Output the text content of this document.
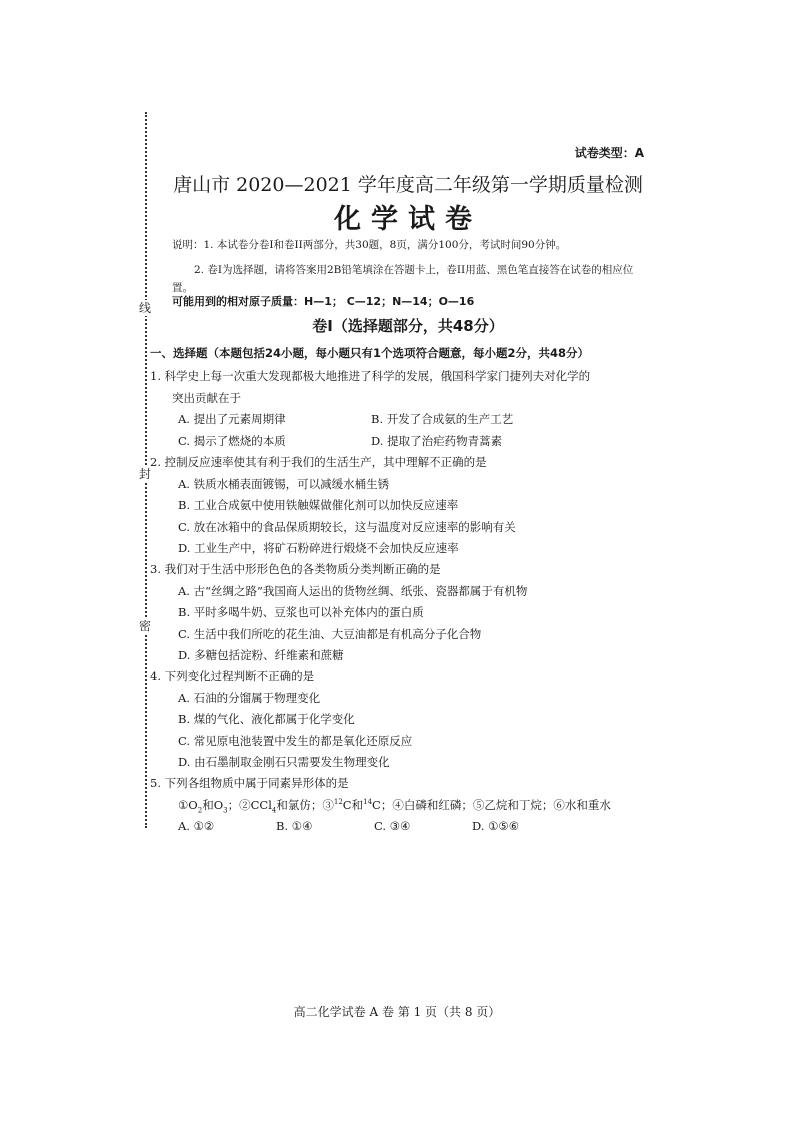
线
封
密
试卷类型：A
唐山市 2020—2021 学年度高二年级第一学期质量检测
化学试卷
说明：1. 本试卷分卷I和卷II两部分，共30题，8页，满分100分，考试时间90分钟。
2. 卷I为选择题，请将答案用2B铅笔填涂在答题卡上，卷II用蓝、黑色笔直接答在试卷的相应位置。
可能用到的相对原子质量：H—1； C—12；N—14；O—16
卷I（选择题部分，共48分）
一、选择题（本题包括24小题，每小题只有1个选项符合题意，每小题2分，共48分）
1. 科学史上每一次重大发现都极大地推进了科学的发展，俄国科学家门捷列夫对化学的
突出贡献在于
A. 提出了元素周期律	B. 开发了合成氨的生产工艺
C. 揭示了燃烧的本质	D. 提取了治疟药物青蒿素
2. 控制反应速率使其有利于我们的生活生产，其中理解不正确的是
A. 铁质水桶表面镀锡，可以减缓水桶生锈
B. 工业合成氨中使用铁触媒做催化剂可以加快反应速率
C. 放在冰箱中的食品保质期较长，这与温度对反应速率的影响有关
D. 工业生产中，将矿石粉碎进行煅烧不会加快反应速率
3. 我们对于生活中形形色色的各类物质分类判断正确的是
A. 古“丝绸之路”我国商人运出的货物丝绸、纸张、瓷器都属于有机物
B. 平时多喝牛奶、豆浆也可以补充体内的蛋白质
C. 生活中我们所吃的花生油、大豆油都是有机高分子化合物
D. 多糖包括淀粉、纤维素和蔗糖
4. 下列变化过程判断不正确的是
A. 石油的分馏属于物理变化
B. 煤的气化、液化都属于化学变化
C. 常见原电池装置中发生的都是氧化还原反应
D. 由石墨制取金刚石只需要发生物理变化
5. 下列各组物质中属于同素异形体的是
$①O_2$和$O_3$；②CCl$_4$和氯仿；③$^{12}$C和$^{14}$C；④白磷和红磷；⑤乙烷和丁烷；⑥水和重水
A. ①②	B. ①④	C. ③④	D. ①⑤⑥
高二化学试卷 A 卷 第 1 页（共 8 页）
